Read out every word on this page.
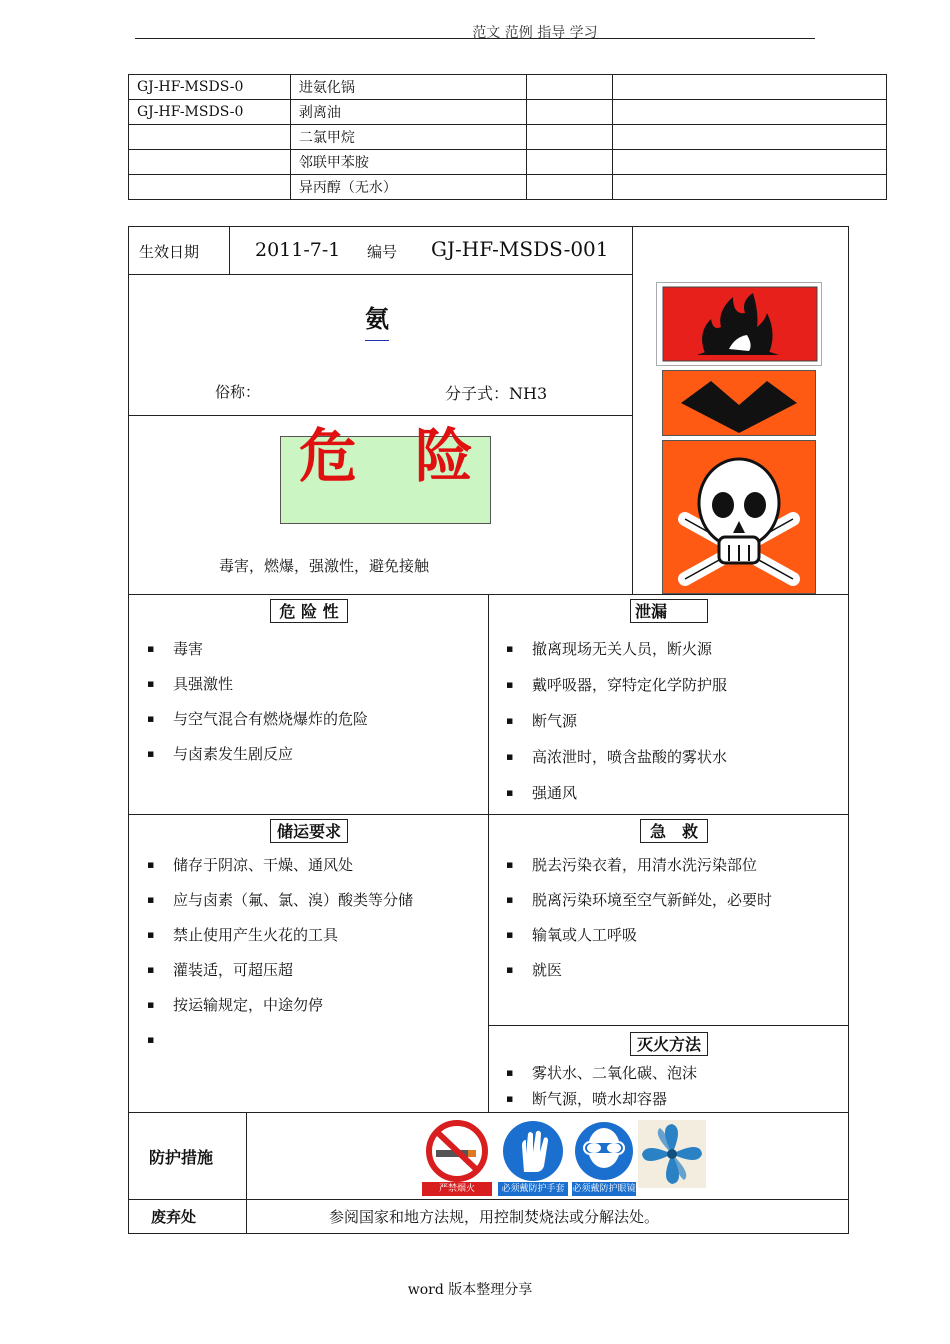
范文 范例 指导 学习
GJ-HF-MSDS-0	进氨化锅		
GJ-HF-MSDS-0	剥离油		
	二氯甲烷		
	邻联甲苯胺		
	异丙醇（无水）		
生效日期	2011-7-1 编号 GJ-HF-MSDS-001
氨
俗称：	分子式：NH3
危　险
毒害，燃爆，强激性，避免接触
危 险 性
▪ 毒害
▪ 具强激性
▪ 与空气混合有燃烧爆炸的危险
▪ 与卤素发生剧反应
泄漏
▪ 撤离现场无关人员，断火源
▪ 戴呼吸器，穿特定化学防护服
▪ 断气源
▪ 高浓泄时，喷含盐酸的雾状水
▪ 强通风
储运要求
▪ 储存于阴凉、干燥、通风处
▪ 应与卤素（氟、氯、溴）酸类等分储
▪ 禁止使用产生火花的工具
▪ 灌装适，可超压超
▪ 按运输规定，中途勿停
▪
急　救
▪ 脱去污染衣着，用清水洗污染部位
▪ 脱离污染环境至空气新鲜处，必要时
▪ 输氧或人工呼吸
▪ 就医
灭火方法
▪ 雾状水、二氧化碳、泡沫
▪ 断气源，喷水却容器
防护措施
废弃处	参阅国家和地方法规，用控制焚烧法或分解法处。
严禁烟火	必须戴防护手套 必须戴防护眼镜
word 版本整理分享
